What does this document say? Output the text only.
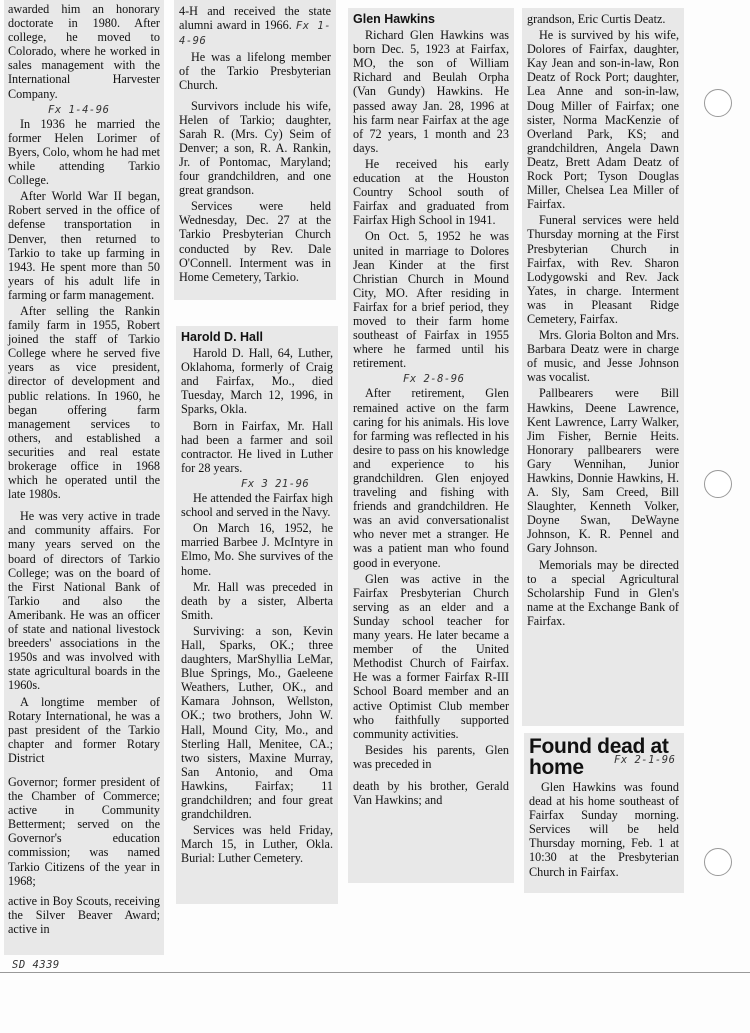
awarded him an honorary doctorate in 1980. After college, he moved to Colorado, where he worked in sales management with the International Harvester Company.

Fx 1-4-96

In 1936 he married the former Helen Lorimer of Byers, Colo, whom he had met while attending Tarkio College.

After World War II began, Robert served in the office of defense transportation in Denver, then returned to Tarkio to take up farming in 1943. He spent more than 50 years of his adult life in farming or farm management.

After selling the Rankin family farm in 1955, Robert joined the staff of Tarkio College where he served five years as vice president, director of development and public relations. In 1960, he began offering farm management services to others, and established a securities and real estate brokerage office in 1968 which he operated until the late 1980s.

He was very active in trade and community affairs. For many years served on the board of directors of Tarkio College; was on the board of the First National Bank of Tarkio and also the Ameribank. He was an officer of state and national livestock breeders' associations in the 1950s and was involved with state agricultural boards in the 1960s.

A longtime member of Rotary International, he was a past president of the Tarkio chapter and former Rotary District

Governor; former president of the Chamber of Commerce; active in Community Betterment; served on the Governor's education commission; was named Tarkio Citizens of the year in 1968;

active in Boy Scouts, receiving the Silver Beaver Award; active in

4-H and received the state alumni award in 1966. Fx 1-4-96

He was a lifelong member of the Tarkio Presbyterian Church.

Survivors include his wife, Helen of Tarkio; daughter, Sarah R. (Mrs. Cy) Seim of Denver; a son, R. A. Rankin, Jr. of Pontomac, Maryland; four grandchildren, and one great grandson.

Services were held Wednesday, Dec. 27 at the Tarkio Presbyterian Church conducted by Rev. Dale O'Connell. Interment was in Home Cemetery, Tarkio.

Harold D. Hall

Harold D. Hall, 64, Luther, Oklahoma, formerly of Craig and Fairfax, Mo., died Tuesday, March 12, 1996, in Sparks, Okla.

Born in Fairfax, Mr. Hall had been a farmer and soil contractor. He lived in Luther for 28 years.

Fx 3 21-96

He attended the Fairfax high school and served in the Navy.

On March 16, 1952, he married Barbee J. McIntyre in Elmo, Mo. She survives of the home.

Mr. Hall was preceded in death by a sister, Alberta Smith.

Surviving: a son, Kevin Hall, Sparks, OK.; three daughters, MarShyllia LeMar, Blue Springs, Mo., Gaeleene Weathers, Luther, OK., and Kamara Johnson, Wellston, OK.; two brothers, John W. Hall, Mound City, Mo., and Sterling Hall, Menitee, CA.; two sisters, Maxine Murray, San Antonio, and Oma Hawkins, Fairfax; 11 grandchildren; and four great grandchildren.

Services was held Friday, March 15, in Luther, Okla. Burial: Luther Cemetery.

Glen Hawkins

Richard Glen Hawkins was born Dec. 5, 1923 at Fairfax, MO, the son of William Richard and Beulah Orpha (Van Gundy) Hawkins. He passed away Jan. 28, 1996 at his farm near Fairfax at the age of 72 years, 1 month and 23 days.

He received his early education at the Houston Country School south of Fairfax and graduated from Fairfax High School in 1941.

On Oct. 5, 1952 he was united in marriage to Dolores Jean Kinder at the first Christian Church in Mound City, MO. After residing in Fairfax for a brief period, they moved to their farm home southeast of Fairfax in 1955 where he farmed until his retirement.

Fx 2-8-96

After retirement, Glen remained active on the farm caring for his animals. His love for farming was reflected in his desire to pass on his knowledge and experience to his grandchildren. Glen enjoyed traveling and fishing with friends and grandchildren. He was an avid conversationalist who never met a stranger. He was a patient man who found good in everyone.

Glen was active in the Fairfax Presbyterian Church serving as an elder and a Sunday school teacher for many years. He later became a member of the United Methodist Church of Fairfax. He was a former Fairfax R-III School Board member and an active Optimist Club member who faithfully supported community activities.

Besides his parents, Glen was preceded in

death by his brother, Gerald Van Hawkins; and

grandson, Eric Curtis Deatz.

He is survived by his wife, Dolores of Fairfax, daughter, Kay Jean and son-in-law, Ron Deatz of Rock Port; daughter, Lea Anne and son-in-law, Doug Miller of Fairfax; one sister, Norma MacKenzie of Overland Park, KS; and grandchildren, Angela Dawn Deatz, Brett Adam Deatz of Rock Port; Tyson Douglas Miller, Chelsea Lea Miller of Fairfax.

Funeral services were held Thursday morning at the First Presbyterian Church in Fairfax, with Rev. Sharon Lodygowski and Rev. Jack Yates, in charge. Interment was in Pleasant Ridge Cemetery, Fairfax.

Mrs. Gloria Bolton and Mrs. Barbara Deatz were in charge of music, and Jesse Johnson was vocalist.

Pallbearers were Bill Hawkins, Deene Lawrence, Kent Lawrence, Larry Walker, Jim Fisher, Bernie Heits. Honorary pallbearers were Gary Wennihan, Junior Hawkins, Donnie Hawkins, H. A. Sly, Sam Creed, Bill Slaughter, Kenneth Volker, Doyne Swan, DeWayne Johnson, K. R. Pennel and Gary Johnson.

Memorials may be directed to a special Agricultural Scholarship Fund in Glen's name at the Exchange Bank of Fairfax.

Found dead at home	Fx 2-1-96

Glen Hawkins was found dead at his home southeast of Fairfax Sunday morning. Services will be held Thursday morning, Feb. 1 at 10:30 at the Presbyterian Church in Fairfax.

SD 4339
